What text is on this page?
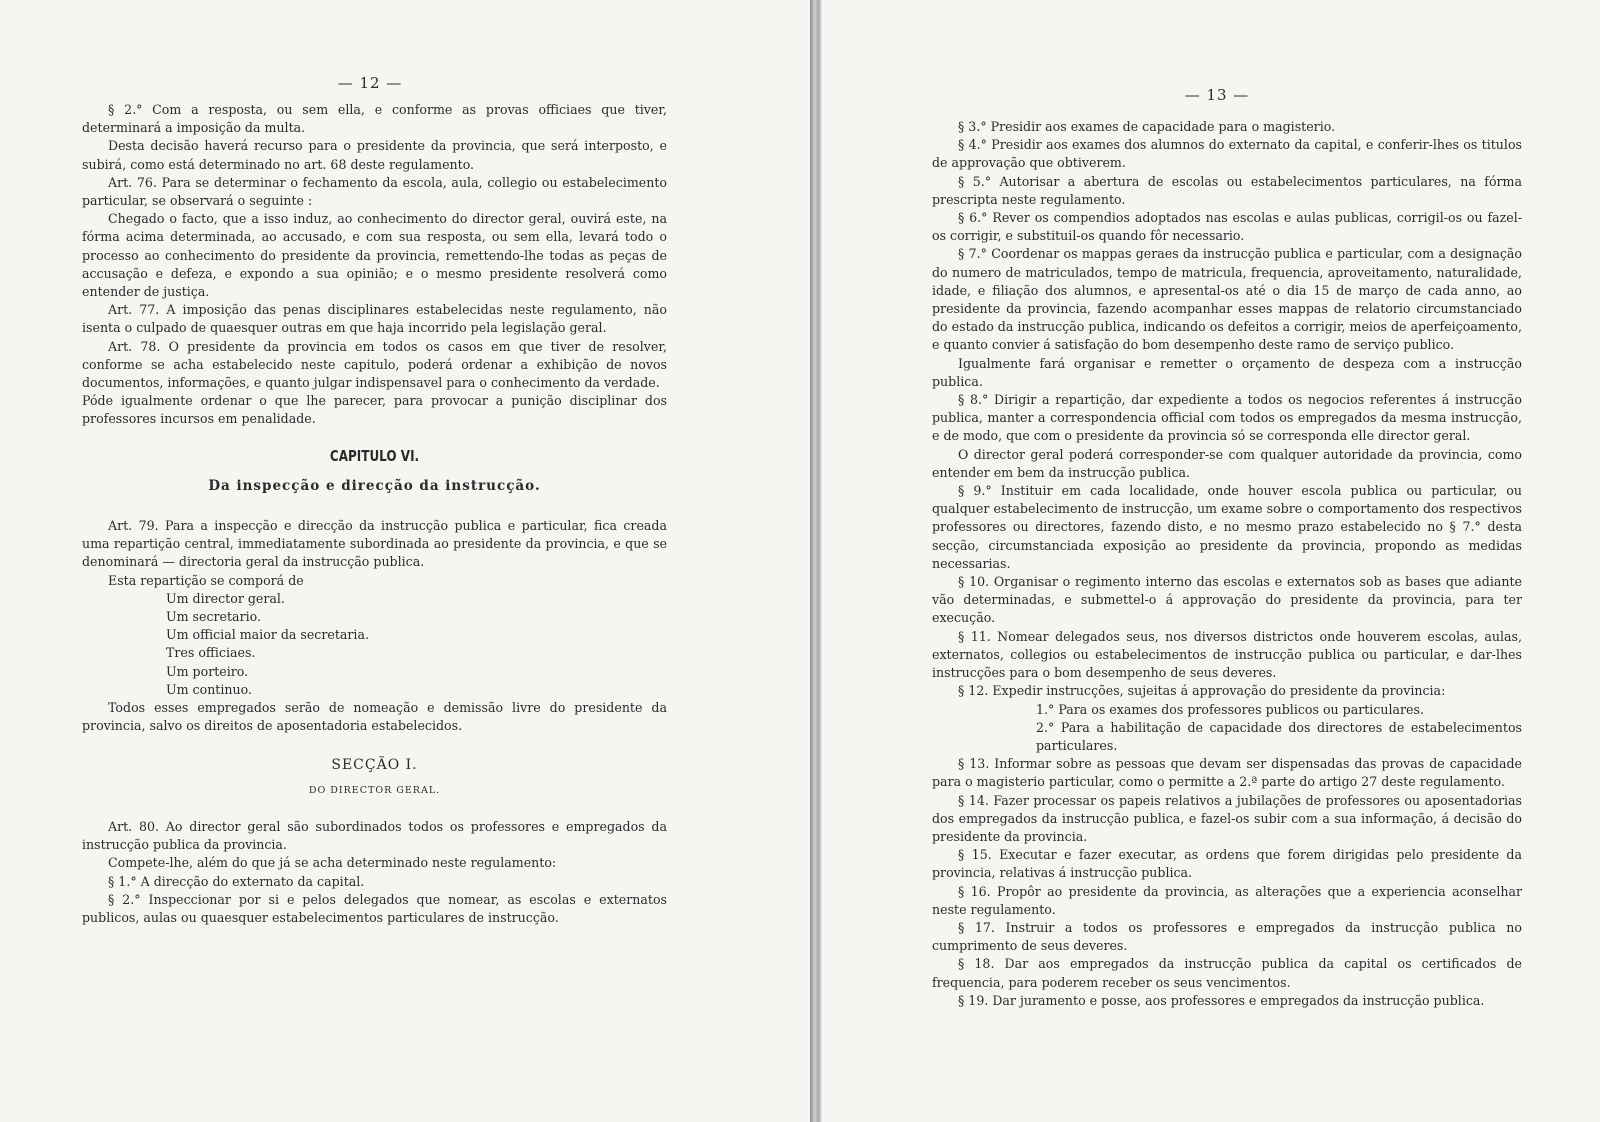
— 12 —

§ 2.° Com a resposta, ou sem ella, e conforme as provas officiaes que tiver, determinará a imposição da multa.

Desta decisão haverá recurso para o presidente da provincia, que será interposto, e subirá, como está determinado no art. 68 deste regulamento.

Art. 76. Para se determinar o fechamento da escola, aula, collegio ou estabelecimento particular, se observará o seguinte :

Chegado o facto, que a isso induz, ao conhecimento do director geral, ouvirá este, na fórma acima determinada, ao accusado, e com sua resposta, ou sem ella, levará todo o processo ao conhecimento do presidente da provincia, remettendo-lhe todas as peças de accusação e defeza, e expondo a sua opinião; e o mesmo presidente resolverá como entender de justiça.

Art. 77. A imposição das penas disciplinares estabelecidas neste regulamento, não isenta o culpado de quaesquer outras em que haja incorrido pela legislação geral.

Art. 78. O presidente da provincia em todos os casos em que tiver de resolver, conforme se acha estabelecido neste capitulo, poderá ordenar a exhibição de novos documentos, informações, e quanto julgar indispensavel para o conhecimento da verdade.

Póde igualmente ordenar o que lhe parecer, para provocar a punição disciplinar dos professores incursos em penalidade.

CAPITULO VI.
Da inspecção e direcção da instrucção.

Art. 79. Para a inspecção e direcção da instrucção publica e particular, fica creada uma repartição central, immediatamente subordinada ao presidente da provincia, e que se denominará — directoria geral da instrucção publica.

Esta repartição se comporá de

Um director geral.
Um secretario.
Um official maior da secretaria.
Tres officiaes.
Um porteiro.
Um continuo.

Todos esses empregados serão de nomeação e demissão livre do presidente da provincia, salvo os direitos de aposentadoria estabelecidos.

SECÇÃO I.
DO DIRECTOR GERAL.

Art. 80. Ao director geral são subordinados todos os professores e empregados da instrucção publica da provincia.

Compete-lhe, além do que já se acha determinado neste regulamento:

§ 1.° A direcção do externato da capital.

§ 2.° Inspeccionar por si e pelos delegados que nomear, as escolas e externatos publicos, aulas ou quaesquer estabelecimentos particulares de instrucção.

— 13 —

§ 3.° Presidir aos exames de capacidade para o magisterio.

§ 4.° Presidir aos exames dos alumnos do externato da capital, e conferir-lhes os titulos de approvação que obtiverem.

§ 5.° Autorisar a abertura de escolas ou estabelecimentos particulares, na fórma prescripta neste regulamento.

§ 6.° Rever os compendios adoptados nas escolas e aulas publicas, corrigil-os ou fazel-os corrigir, e substituil-os quando fôr necessario.

§ 7.° Coordenar os mappas geraes da instrucção publica e particular, com a designação do numero de matriculados, tempo de matricula, frequencia, aproveitamento, naturalidade, idade, e filiação dos alumnos, e apresental-os até o dia 15 de março de cada anno, ao presidente da provincia, fazendo acompanhar esses mappas de relatorio circumstanciado do estado da instrucção publica, indicando os defeitos a corrigir, meios de aperfeiçoamento, e quanto convier á satisfação do bom desempenho deste ramo de serviço publico.

Igualmente fará organisar e remetter o orçamento de despeza com a instrucção publica.

§ 8.° Dirigir a repartição, dar expediente a todos os negocios referentes á instrucção publica, manter a correspondencia official com todos os empregados da mesma instrucção, e de modo, que com o presidente da provincia só se corresponda elle director geral.

O director geral poderá corresponder-se com qualquer autoridade da provincia, como entender em bem da instrucção publica.

§ 9.° Instituir em cada localidade, onde houver escola publica ou particular, ou qualquer estabelecimento de instrucção, um exame sobre o comportamento dos respectivos professores ou directores, fazendo disto, e no mesmo prazo estabelecido no § 7.° desta secção, circumstanciada exposição ao presidente da provincia, propondo as medidas necessarias.

§ 10. Organisar o regimento interno das escolas e externatos sob as bases que adiante vão determinadas, e submettel-o á approvação do presidente da provincia, para ter execução.

§ 11. Nomear delegados seus, nos diversos districtos onde houverem escolas, aulas, externatos, collegios ou estabelecimentos de instrucção publica ou particular, e dar-lhes instrucções para o bom desempenho de seus deveres.

§ 12. Expedir instrucções, sujeitas á approvação do presidente da provincia:

1.° Para os exames dos professores publicos ou particulares.

2.° Para a habilitação de capacidade dos directores de estabelecimentos particulares.

§ 13. Informar sobre as pessoas que devam ser dispensadas das provas de capacidade para o magisterio particular, como o permitte a 2.ª parte do artigo 27 deste regulamento.

§ 14. Fazer processar os papeis relativos a jubilações de professores ou aposentadorias dos empregados da instrucção publica, e fazel-os subir com a sua informação, á decisão do presidente da provincia.

§ 15. Executar e fazer executar, as ordens que forem dirigidas pelo presidente da provincia, relativas á instrucção publica.

§ 16. Propôr ao presidente da provincia, as alterações que a experiencia aconselhar neste regulamento.

§ 17. Instruir a todos os professores e empregados da instrucção publica no cumprimento de seus deveres.

§ 18. Dar aos empregados da instrucção publica da capital os certificados de frequencia, para poderem receber os seus vencimentos.

§ 19. Dar juramento e posse, aos professores e empregados da instrucção publica.
